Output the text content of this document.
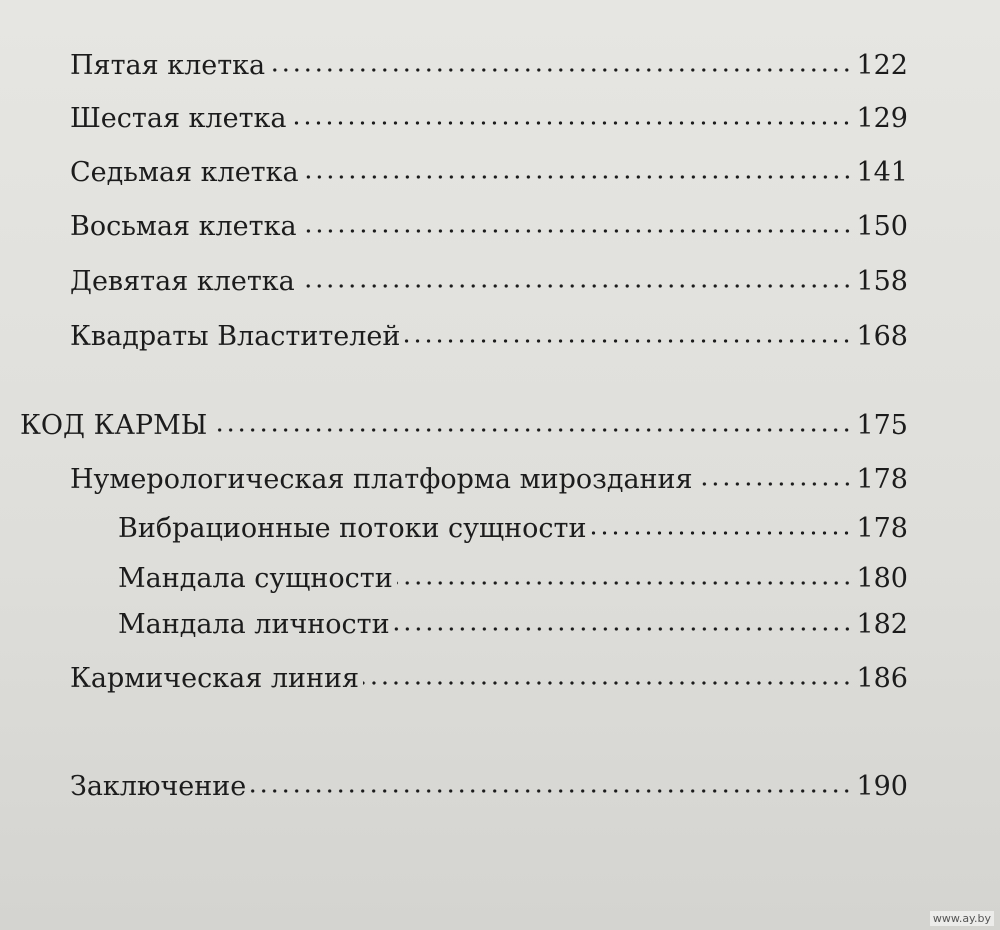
Пятая клетка	122
Шестая клетка	129
Седьмая клетка	141
Восьмая клетка	150
Девятая клетка	158
Квадраты Властителей	168
КОД КАРМЫ	175
Нумерологическая платформа мироздания	178
Вибрационные потоки сущности	178
Мандала сущности	180
Мандала личности	182
Кармическая линия	186
Заключение	190
www.ay.by
